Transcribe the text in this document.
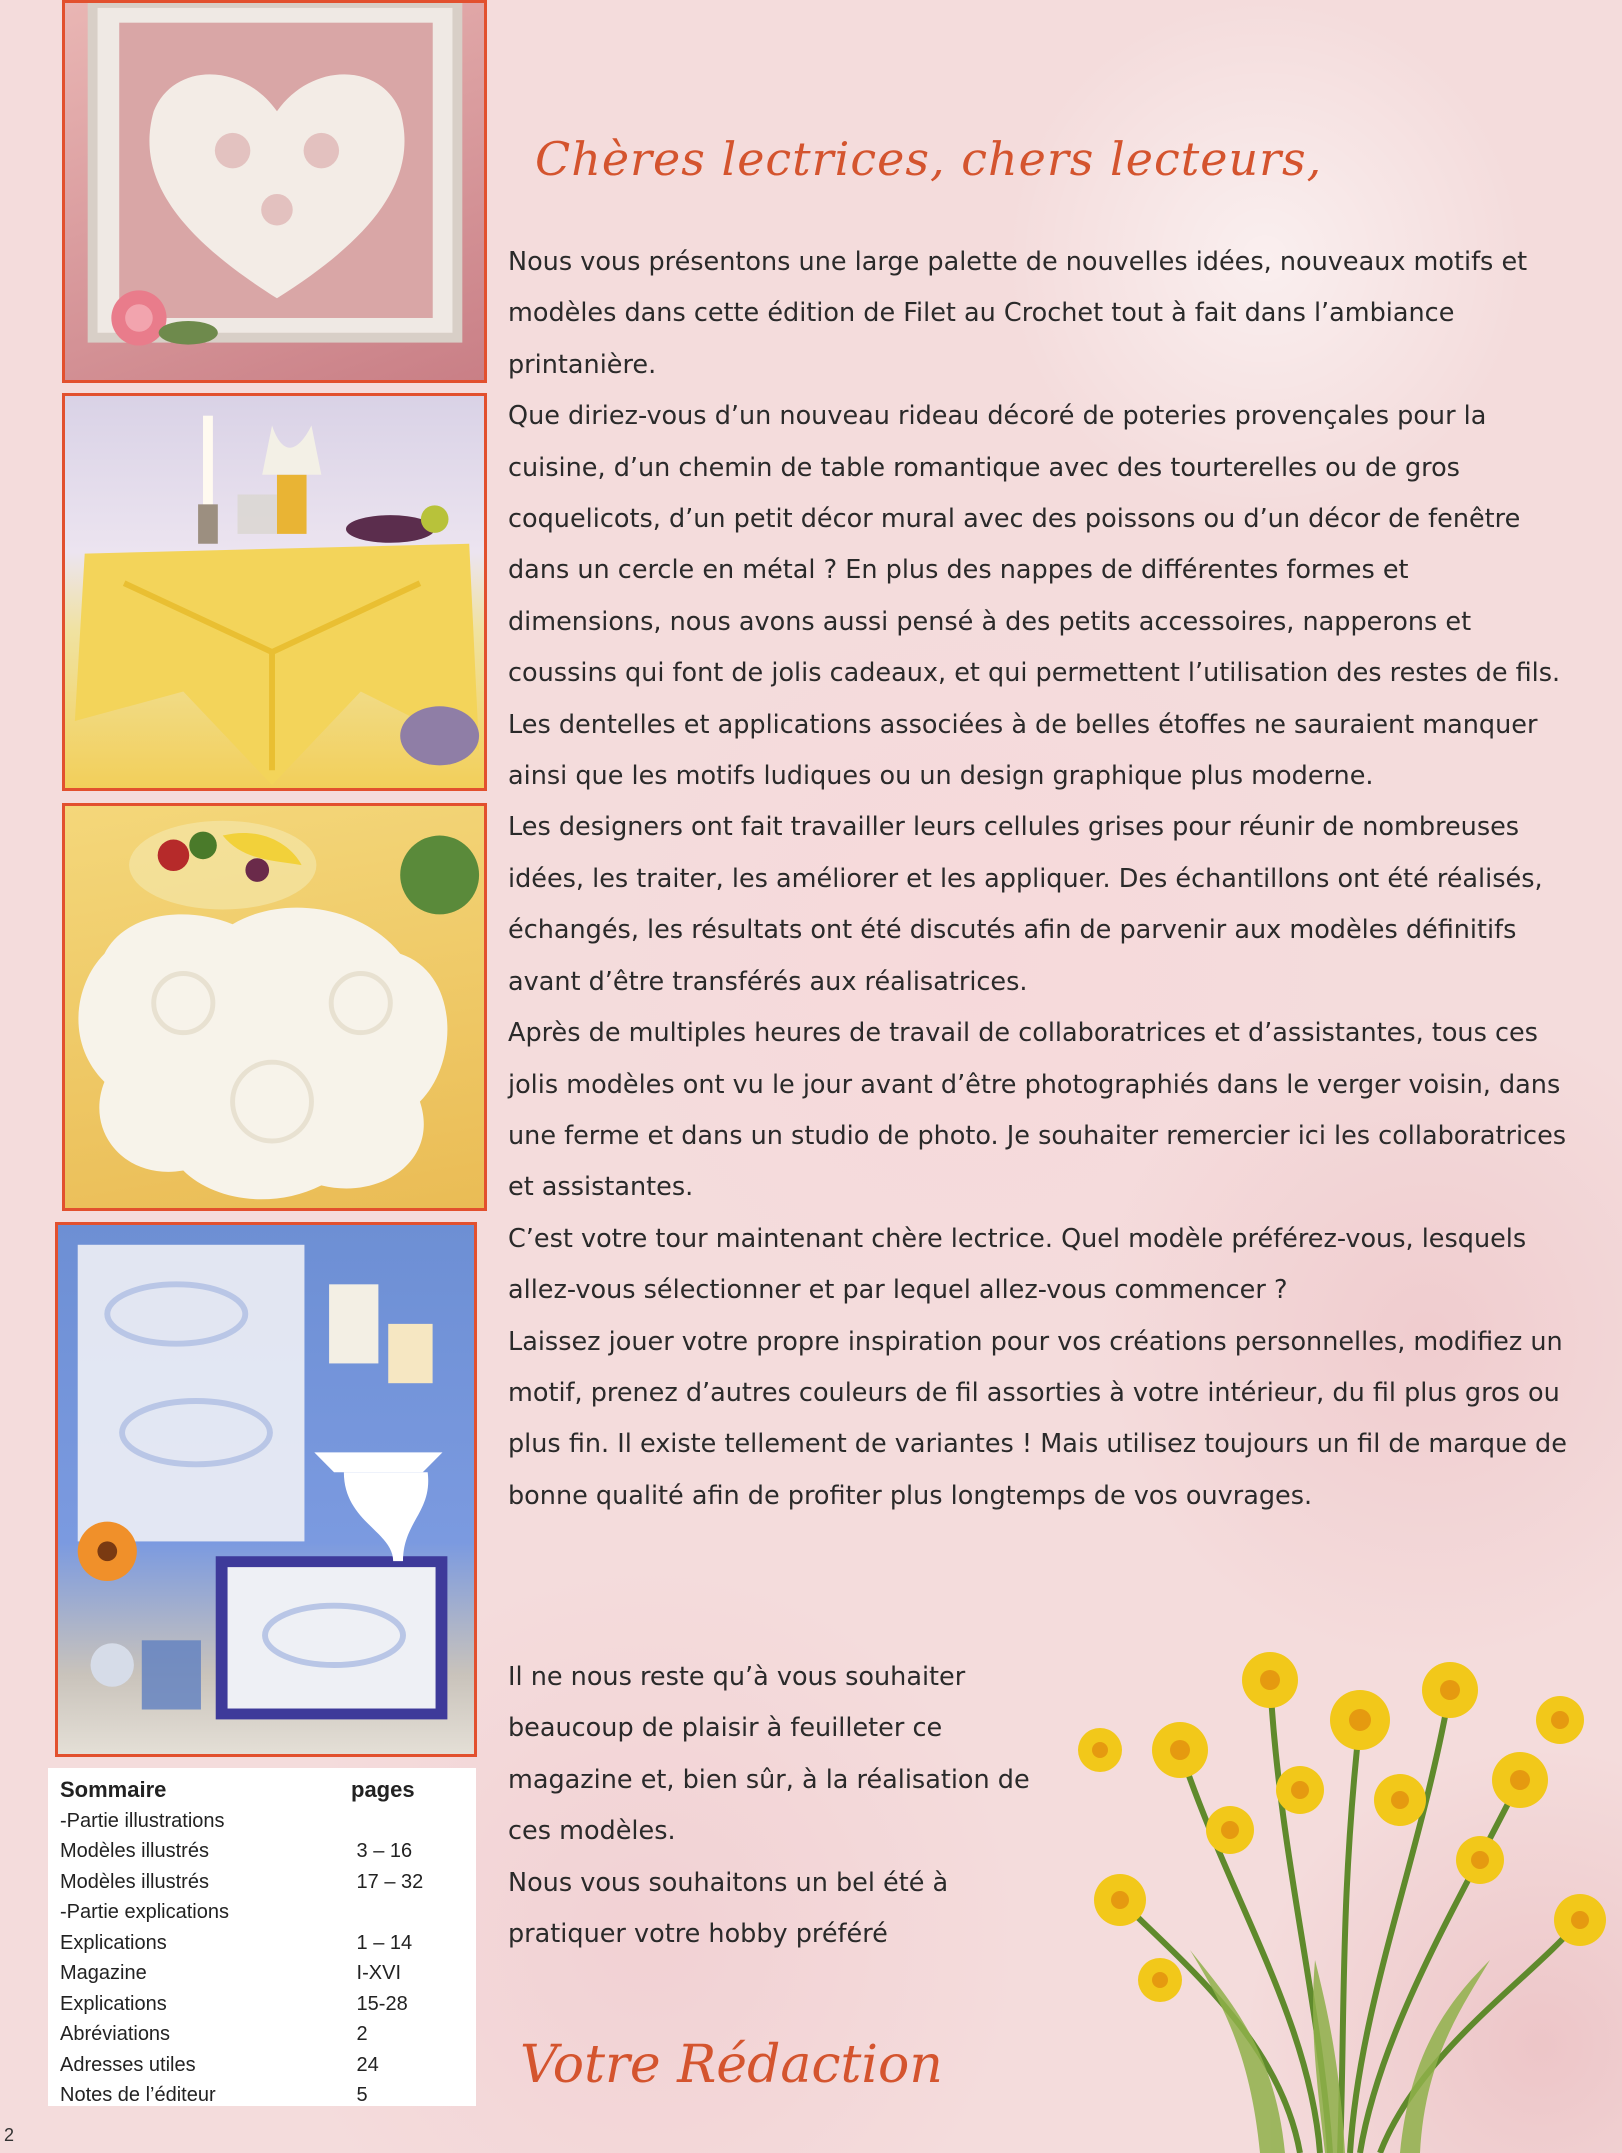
Sommaire	pages
-Partie illustrations
Modèles illustrés	3 – 16
Modèles illustrés	17 – 32
-Partie explications
Explications	1 – 14
Magazine	I-XVI
Explications	15-28
Abréviations	2
Adresses utiles	24
Notes de l’éditeur	5
Chères lectrices, chers lecteurs,

Nous vous présentons une large palette de nouvelles idées, nouveaux motifs et modèles dans cette édition de Filet au Crochet tout à fait dans l’ambiance printanière.

Que diriez-vous d’un nouveau rideau décoré de poteries provençales pour la cuisine, d’un chemin de table romantique avec des tourterelles ou de gros coquelicots, d’un petit décor mural avec des poissons ou d’un décor de fenêtre dans un cercle en métal ? En plus des nappes de différentes formes et dimensions, nous avons aussi pensé à des petits accessoires, napperons et coussins qui font de jolis cadeaux, et qui permettent l’utilisation des restes de fils. Les dentelles et applications associées à de belles étoffes ne sauraient manquer ainsi que les motifs ludiques ou un design graphique plus moderne.

Les designers ont fait travailler leurs cellules grises pour réunir de nombreuses idées, les traiter, les améliorer et les appliquer. Des échantillons ont été réalisés, échangés, les résultats ont été discutés afin de parvenir aux modèles définitifs avant d’être transférés aux réalisatrices.

Après de multiples heures de travail de collaboratrices et d’assistantes, tous ces jolis modèles ont vu le jour avant d’être photographiés dans le verger voisin, dans une ferme et dans un studio de photo. Je souhaiter remercier ici les collaboratrices et assistantes.

C’est votre tour maintenant chère lectrice. Quel modèle préférez-vous, lesquels allez-vous sélectionner et par lequel allez-vous commencer ?

Laissez jouer votre propre inspiration pour vos créations personnelles, modifiez un motif, prenez d’autres couleurs de fil assorties à votre intérieur, du fil plus gros ou plus fin. Il existe tellement de variantes ! Mais utilisez toujours un fil de marque de bonne qualité afin de profiter plus longtemps de vos ouvrages.

Il ne nous reste qu’à vous souhaiter beaucoup de plaisir à feuilleter ce magazine et, bien sûr, à la réalisation de ces modèles.

Nous vous souhaitons un bel été à pratiquer votre hobby préféré

Votre Rédaction

2
